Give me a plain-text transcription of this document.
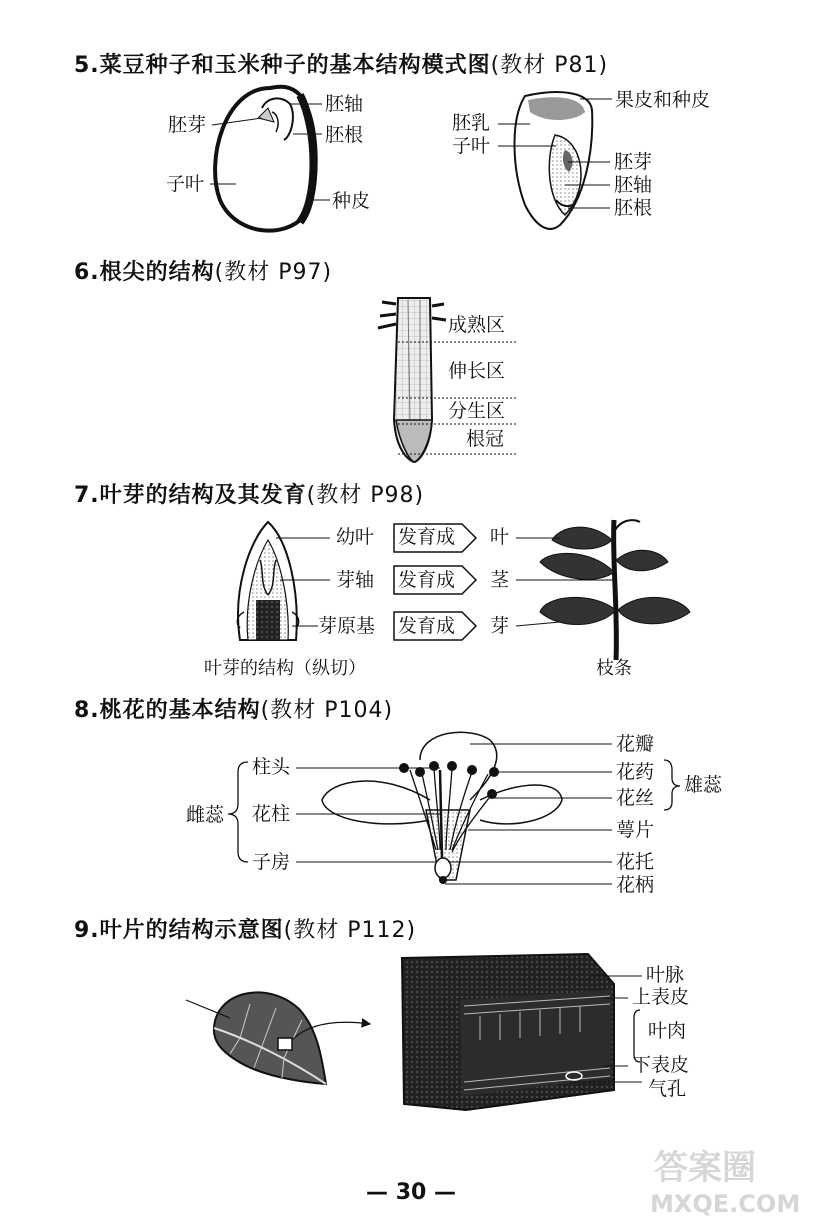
5.菜豆种子和玉米种子的基本结构模式图(教材 P81)
6.根尖的结构(教材 P97)
7.叶芽的结构及其发育(教材 P98)
8.桃花的基本结构(教材 P104)
9.叶片的结构示意图(教材 P112)
胚芽
胚轴
胚根
子叶
种皮
果皮和种皮
胚乳
子叶
胚芽
胚轴
胚根
成熟区
伸长区
分生区
根冠
幼叶
芽轴
芽原基
发育成
发育成
发育成
叶
茎
芽
叶芽的结构（纵切）	枝条
雌蕊
柱头
花柱
子房
花瓣
花药
花丝
萼片
花托
花柄
雄蕊
叶脉
上表皮
叶肉
下表皮
气孔
— 30 —
答案圈
MXQE.COM
